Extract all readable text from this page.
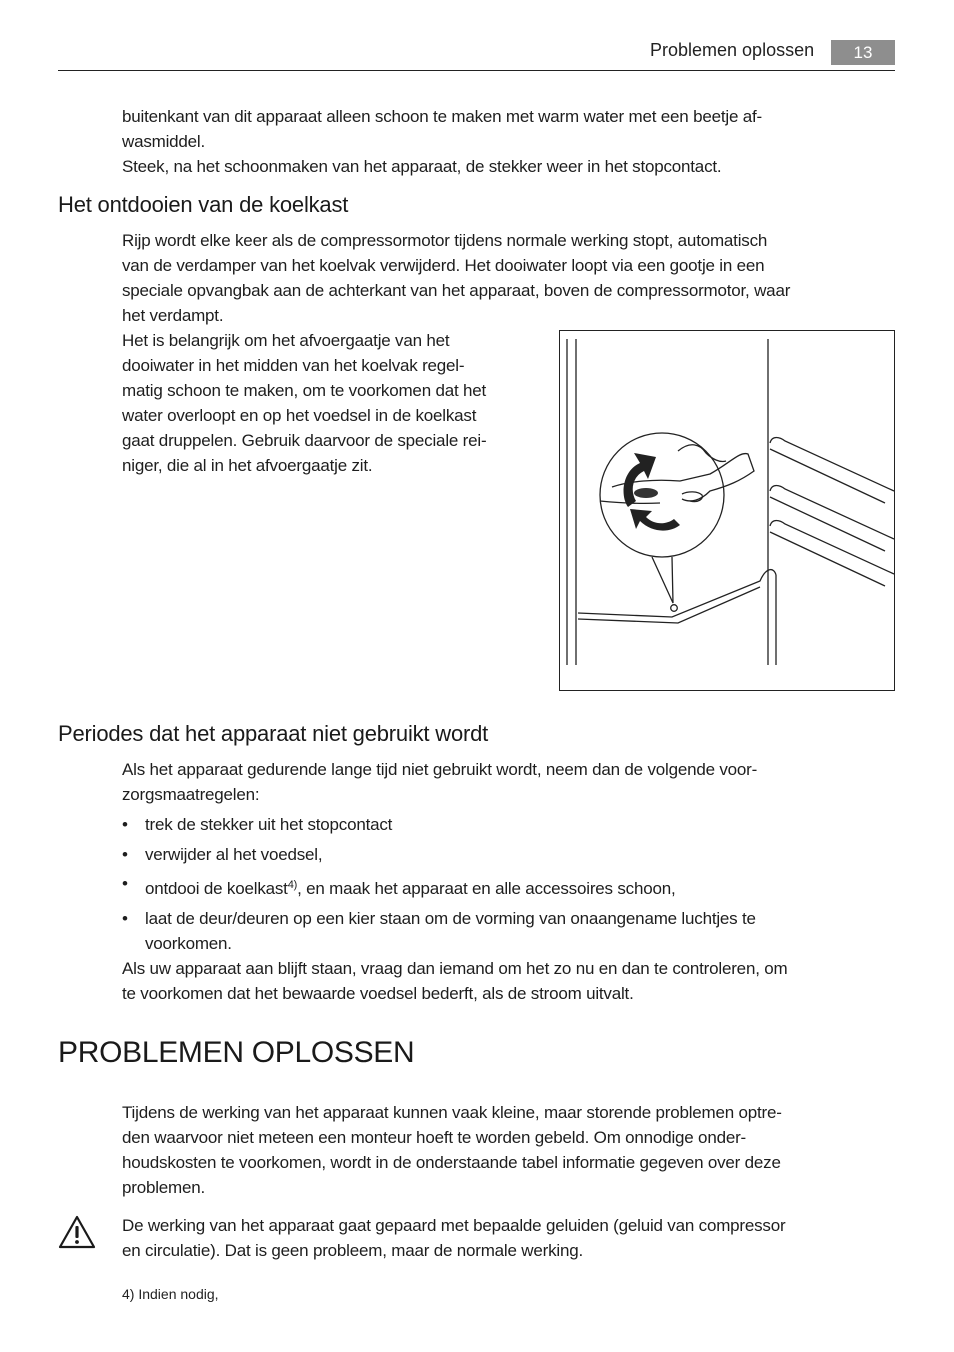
Problemen oplossen	13
buitenkant van dit apparaat alleen schoon te maken met warm water met een beetje af-
wasmiddel.
Steek, na het schoonmaken van het apparaat, de stekker weer in het stopcontact.
Het ontdooien van de koelkast
Rijp wordt elke keer als de compressormotor tijdens normale werking stopt, automatisch
van de verdamper van het koelvak verwijderd. Het dooiwater loopt via een gootje in een
speciale opvangbak aan de achterkant van het apparaat, boven de compressormotor, waar
het verdampt.
Het is belangrijk om het afvoergaatje van het
dooiwater in het midden van het koelvak regel-
matig schoon te maken, om te voorkomen dat het
water overloopt en op het voedsel in de koelkast
gaat druppelen. Gebruik daarvoor de speciale rei-
niger, die al in het afvoergaatje zit.
Periodes dat het apparaat niet gebruikt wordt
Als het apparaat gedurende lange tijd niet gebruikt wordt, neem dan de volgende voor-
zorgsmaatregelen:
• trek de stekker uit het stopcontact
• verwijder al het voedsel,
• ontdooi de koelkast$^{4)}$, en maak het apparaat en alle accessoires schoon,
• laat de deur/deuren op een kier staan om de vorming van onaangename luchtjes te
voorkomen.
Als uw apparaat aan blijft staan, vraag dan iemand om het zo nu en dan te controleren, om
te voorkomen dat het bewaarde voedsel bederft, als de stroom uitvalt.
PROBLEMEN OPLOSSEN
Tijdens de werking van het apparaat kunnen vaak kleine, maar storende problemen optre-
den waarvoor niet meteen een monteur hoeft te worden gebeld. Om onnodige onder-
houdskosten te voorkomen, wordt in de onderstaande tabel informatie gegeven over deze
problemen.
De werking van het apparaat gaat gepaard met bepaalde geluiden (geluid van compressor
en circulatie). Dat is geen probleem, maar de normale werking.
4) Indien nodig,
